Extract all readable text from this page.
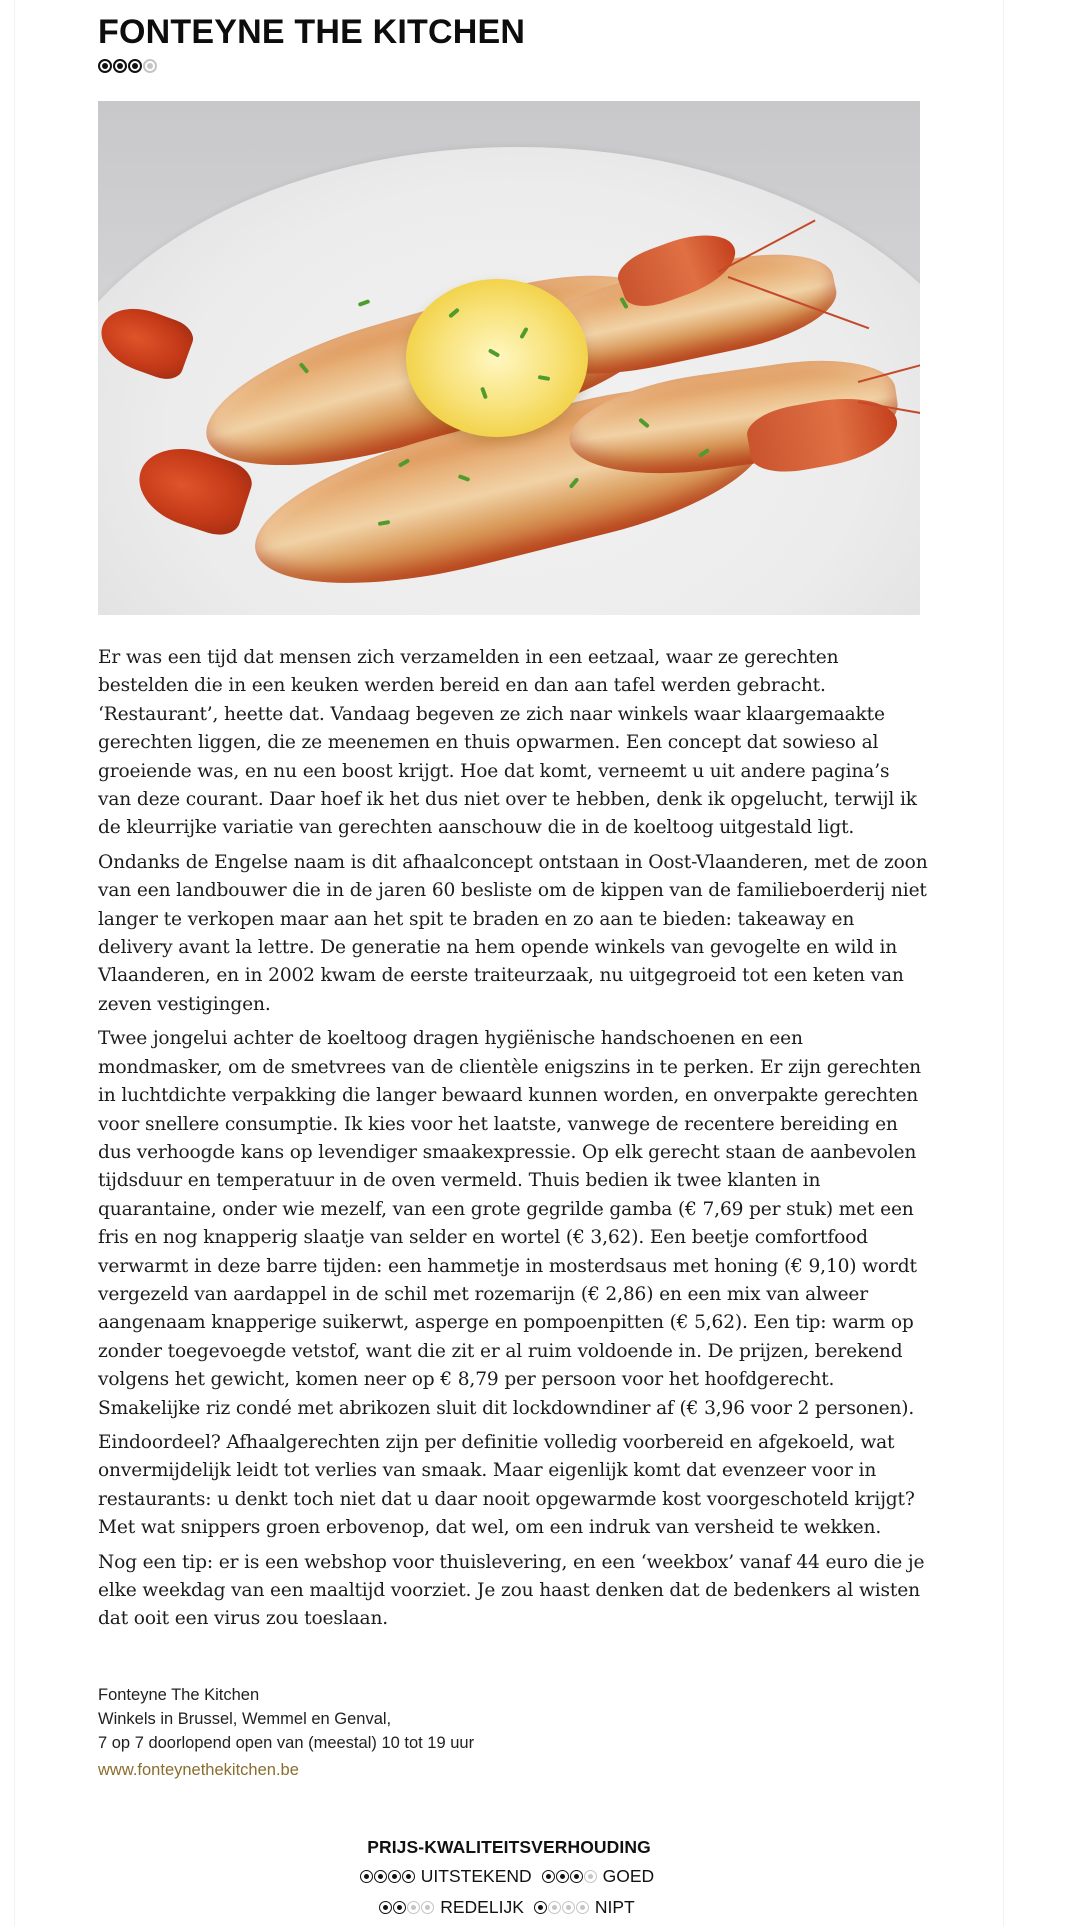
FONTEYNE THE KITCHEN

Er was een tijd dat mensen zich verzamelden in een eetzaal, waar ze gerechten bestelden die in een keuken werden bereid en dan aan tafel werden gebracht. ‘Restaurant’, heette dat. Vandaag begeven ze zich naar winkels waar klaargemaakte gerechten liggen, die ze meenemen en thuis opwarmen. Een concept dat sowieso al groeiende was, en nu een boost krijgt. Hoe dat komt, verneemt u uit andere pagina’s van deze courant. Daar hoef ik het dus niet over te hebben, denk ik opgelucht, terwijl ik de kleurrijke variatie van gerechten aanschouw die in de koeltoog uitgestald ligt.

Ondanks de Engelse naam is dit afhaalconcept ontstaan in Oost-Vlaanderen, met de zoon van een landbouwer die in de jaren 60 besliste om de kippen van de familieboerderij niet langer te verkopen maar aan het spit te braden en zo aan te bieden: takeaway en delivery avant la lettre. De generatie na hem opende winkels van gevogelte en wild in Vlaanderen, en in 2002 kwam de eerste traiteurzaak, nu uitgegroeid tot een keten van zeven vestigingen.

Twee jongelui achter de koeltoog dragen hygiënische handschoenen en een mondmasker, om de smetvrees van de clientèle enigszins in te perken. Er zijn gerechten in luchtdichte verpakking die langer bewaard kunnen worden, en onverpakte gerechten voor snellere consumptie. Ik kies voor het laatste, vanwege de recentere bereiding en dus verhoogde kans op levendiger smaakexpressie. Op elk gerecht staan de aanbevolen tijdsduur en temperatuur in de oven vermeld. Thuis bedien ik twee klanten in quarantaine, onder wie mezelf, van een grote gegrilde gamba (€ 7,69 per stuk) met een fris en nog knapperig slaatje van selder en wortel (€ 3,62). Een beetje comfortfood verwarmt in deze barre tijden: een hammetje in mosterdsaus met honing (€ 9,10) wordt vergezeld van aardappel in de schil met rozemarijn (€ 2,86) en een mix van alweer aangenaam knapperige suikerwt, asperge en pompoenpitten (€ 5,62). Een tip: warm op zonder toegevoegde vetstof, want die zit er al ruim voldoende in. De prijzen, berekend volgens het gewicht, komen neer op € 8,79 per persoon voor het hoofdgerecht. Smakelijke riz condé met abrikozen sluit dit lockdowndiner af (€ 3,96 voor 2 personen).

Eindoordeel? Afhaalgerechten zijn per definitie volledig voorbereid en afgekoeld, wat onvermijdelijk leidt tot verlies van smaak. Maar eigenlijk komt dat evenzeer voor in restaurants: u denkt toch niet dat u daar nooit opgewarmde kost voorgeschoteld krijgt? Met wat snippers groen erbovenop, dat wel, om een indruk van versheid te wekken.

Nog een tip: er is een webshop voor thuislevering, en een ‘weekbox’ vanaf 44 euro die je elke weekdag van een maaltijd voorziet. Je zou haast denken dat de bedenkers al wisten dat ooit een virus zou toeslaan.

Fonteyne The Kitchen
Winkels in Brussel, Wemmel en Genval,
7 op 7 doorlopend open van (meestal) 10 tot 19 uur
www.fonteynethekitchen.be
PRIJS-KWALITEITSVERHOUDING
UITSTEKEND	GOED
REDELIJK	NIPT
